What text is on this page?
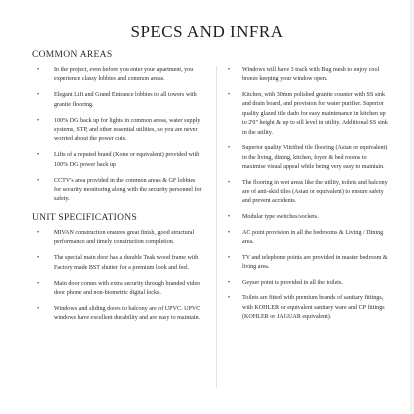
SPECS AND INFRA
COMMON AREAS
• In the project, even before you enter your apartment, you experience classy lobbies and common areas.
• Elegant Lift and Grand Entrance lobbies to all towers with granite flooring.
• 100% DG back up for lights in common areas, water supply systems, STP, and other essential utilities, so you are never worried about the power cuts.
• Lifts of a reputed brand (Kone or equivalent) provided with 100% DG power back up
• CCTV's area provided in the common areas & GF lobbies for security monitoring along with the security personnel for safety.
UNIT SPECIFICATIONS
• MIVAN construction ensures great finish, good structural performance and timely construction completion.
• The special main door has a durable Teak wood frame with Factory made BST shutter for a premium look and feel.
• Main door comes with extra security through branded video door phone and non-biometric digital locks.
• Windows and sliding doors to balcony are of UPVC. UPVC windows have excellent durability and are easy to maintain.
• Windows will have 3 track with Bug mesh to enjoy cool breeze keeping your window open.
• Kitchen, with 30mm polished granite counter with SS sink and drain board, and provision for water purifier. Superior quality glazed tile dado for easy maintenance in kitchen up to 2'0" height & up to sill level in utility. Additional SS sink in the utility.
• Superior quality Vitrified tile flooring (Asian or equivalent) in the living, dining, kitchen, foyer & bed rooms to maximise visual appeal while being very easy to maintain.
• The flooring in wet areas like the utility, toilets and balcony are of anti-skid tiles (Asian or equivalent) to ensure safety and prevent accidents.
• Modular type switches/sockets.
• AC point provision in all the bedrooms & Living / Dining area.
• TV and telephone points are provided in master bedroom & living area.
• Geyser point is provided in all the toilets.
• Toilets are fitted with premium brands of sanitary fittings, with KOHLER or equivalent sanitary ware and CP fittings (KOHLER or JAGUAR equivalent).
